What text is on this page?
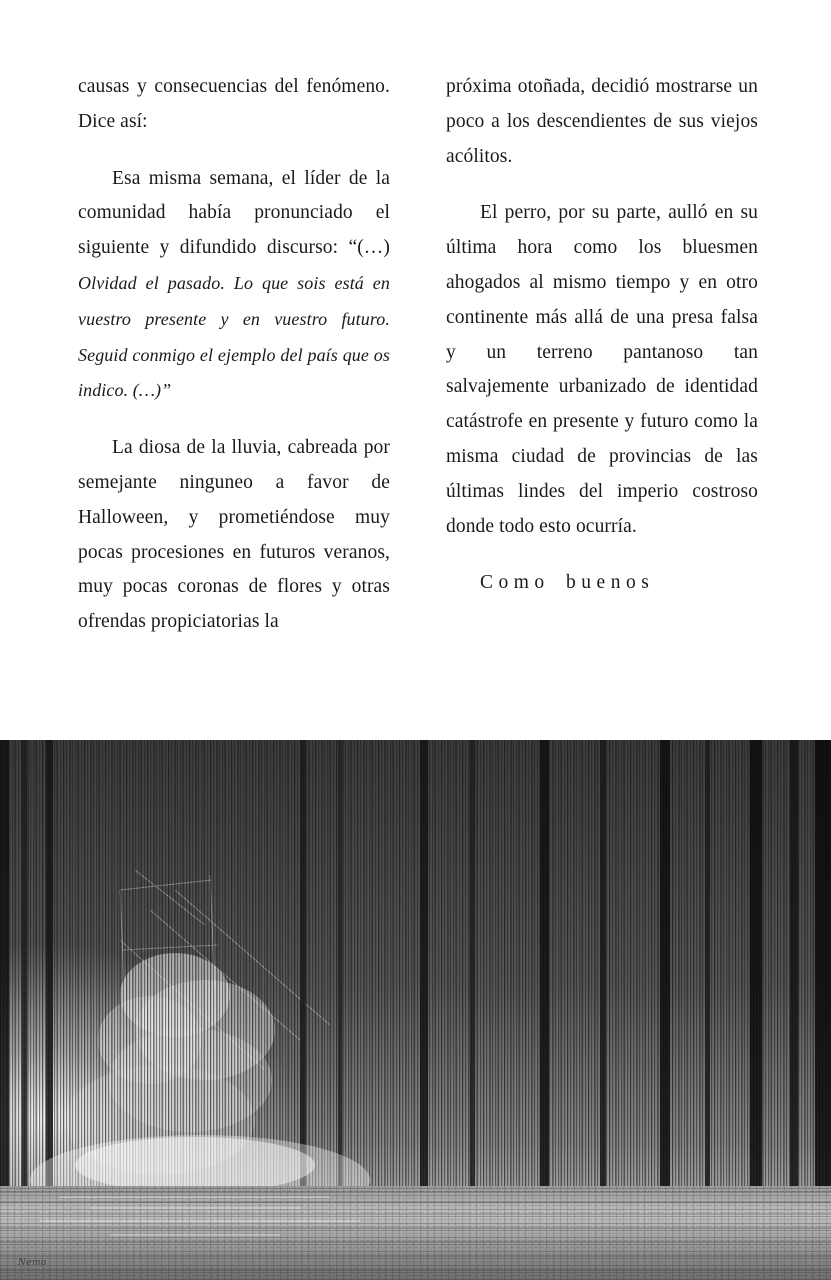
causas y consecuencias del fenómeno. Dice así:

Esa misma semana, el líder de la comunidad había pronunciado el siguiente y difundido discurso: “(…) Olvidad el pasado. Lo que sois está en vuestro presente y en vuestro futuro. Seguid conmigo el ejemplo del país que os indico. (…)”

La diosa de la lluvia, cabreada por semejante ninguneo a favor de Halloween, y prometiéndose muy pocas procesiones en futuros veranos, muy pocas coronas de flores y otras ofrendas propiciatorias la

próxima otoñada, decidió mostrarse un poco a los descendientes de sus viejos acólitos.

El perro, por su parte, aulló en su última hora como los bluesmen ahogados al mismo tiempo y en otro continente más allá de una presa falsa y un terreno pantanoso tan salvajemente urbanizado de identidad catástrofe en presente y futuro como la misma ciudad de provincias de las últimas lindes del imperio costroso donde todo esto ocurría.

Como buenos

Nemo
